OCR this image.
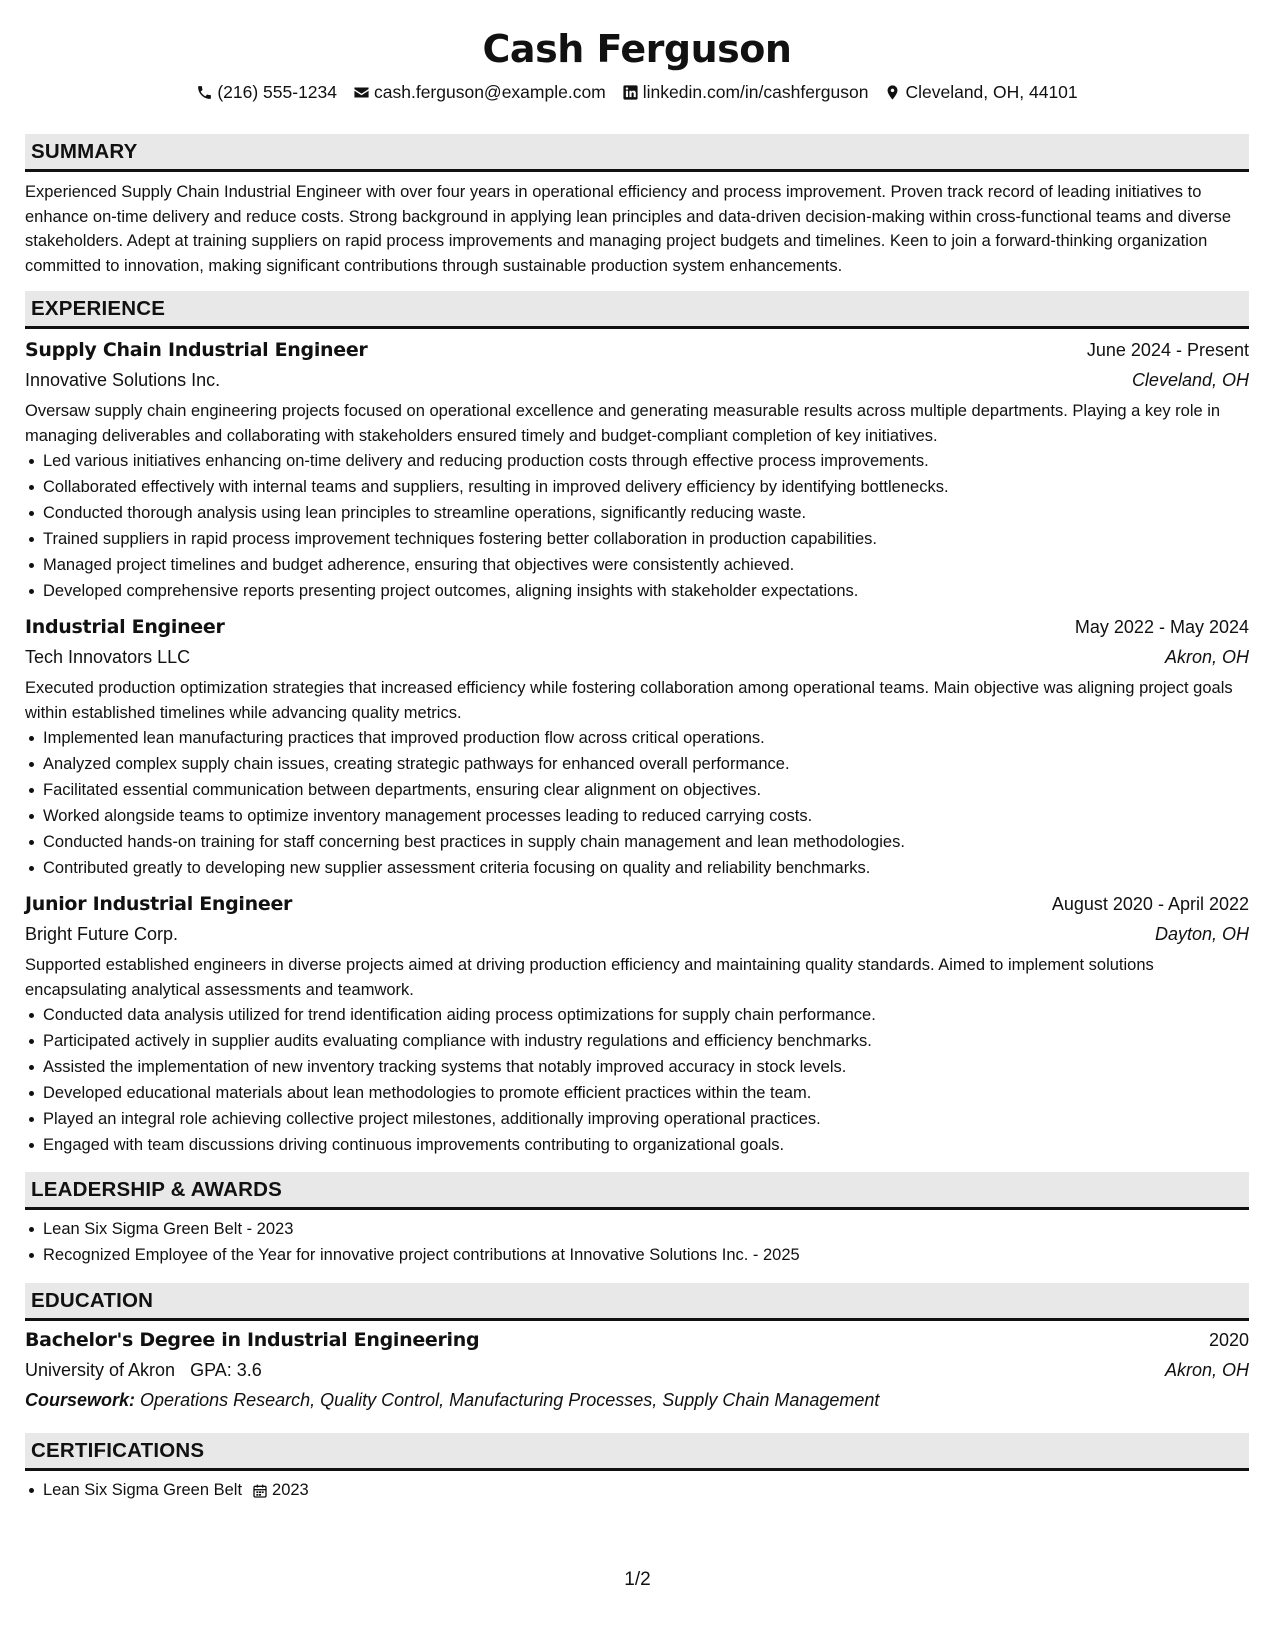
Cash Ferguson
(216) 555-1234 cash.ferguson@example.com linkedin.com/in/cashferguson Cleveland, OH, 44101
SUMMARY

Experienced Supply Chain Industrial Engineer with over four years in operational efficiency and process improvement. Proven track record of leading initiatives to enhance on-time delivery and reduce costs. Strong background in applying lean principles and data-driven decision-making within cross-functional teams and diverse stakeholders. Adept at training suppliers on rapid process improvements and managing project budgets and timelines. Keen to join a forward-thinking organization committed to innovation, making significant contributions through sustainable production system enhancements.

EXPERIENCE
Supply Chain Industrial Engineer	June 2024 - Present
Innovative Solutions Inc.	Cleveland, OH

Oversaw supply chain engineering projects focused on operational excellence and generating measurable results across multiple departments. Playing a key role in managing deliverables and collaborating with stakeholders ensured timely and budget-compliant completion of key initiatives.

Led various initiatives enhancing on-time delivery and reducing production costs through effective process improvements.
Collaborated effectively with internal teams and suppliers, resulting in improved delivery efficiency by identifying bottlenecks.
Conducted thorough analysis using lean principles to streamline operations, significantly reducing waste.
Trained suppliers in rapid process improvement techniques fostering better collaboration in production capabilities.
Managed project timelines and budget adherence, ensuring that objectives were consistently achieved.
Developed comprehensive reports presenting project outcomes, aligning insights with stakeholder expectations.
Industrial Engineer	May 2022 - May 2024
Tech Innovators LLC	Akron, OH

Executed production optimization strategies that increased efficiency while fostering collaboration among operational teams. Main objective was aligning project goals within established timelines while advancing quality metrics.

Implemented lean manufacturing practices that improved production flow across critical operations.
Analyzed complex supply chain issues, creating strategic pathways for enhanced overall performance.
Facilitated essential communication between departments, ensuring clear alignment on objectives.
Worked alongside teams to optimize inventory management processes leading to reduced carrying costs.
Conducted hands-on training for staff concerning best practices in supply chain management and lean methodologies.
Contributed greatly to developing new supplier assessment criteria focusing on quality and reliability benchmarks.
Junior Industrial Engineer	August 2020 - April 2022
Bright Future Corp.	Dayton, OH

Supported established engineers in diverse projects aimed at driving production efficiency and maintaining quality standards. Aimed to implement solutions encapsulating analytical assessments and teamwork.

Conducted data analysis utilized for trend identification aiding process optimizations for supply chain performance.
Participated actively in supplier audits evaluating compliance with industry regulations and efficiency benchmarks.
Assisted the implementation of new inventory tracking systems that notably improved accuracy in stock levels.
Developed educational materials about lean methodologies to promote efficient practices within the team.
Played an integral role achieving collective project milestones, additionally improving operational practices.
Engaged with team discussions driving continuous improvements contributing to organizational goals.
LEADERSHIP & AWARDS
Lean Six Sigma Green Belt - 2023
Recognized Employee of the Year for innovative project contributions at Innovative Solutions Inc. - 2025
EDUCATION
Bachelor's Degree in Industrial Engineering	2020
University of Akron GPA: 3.6	Akron, OH
Coursework: Operations Research, Quality Control, Manufacturing Processes, Supply Chain Management
CERTIFICATIONS
Lean Six Sigma Green Belt 2023
1/2
